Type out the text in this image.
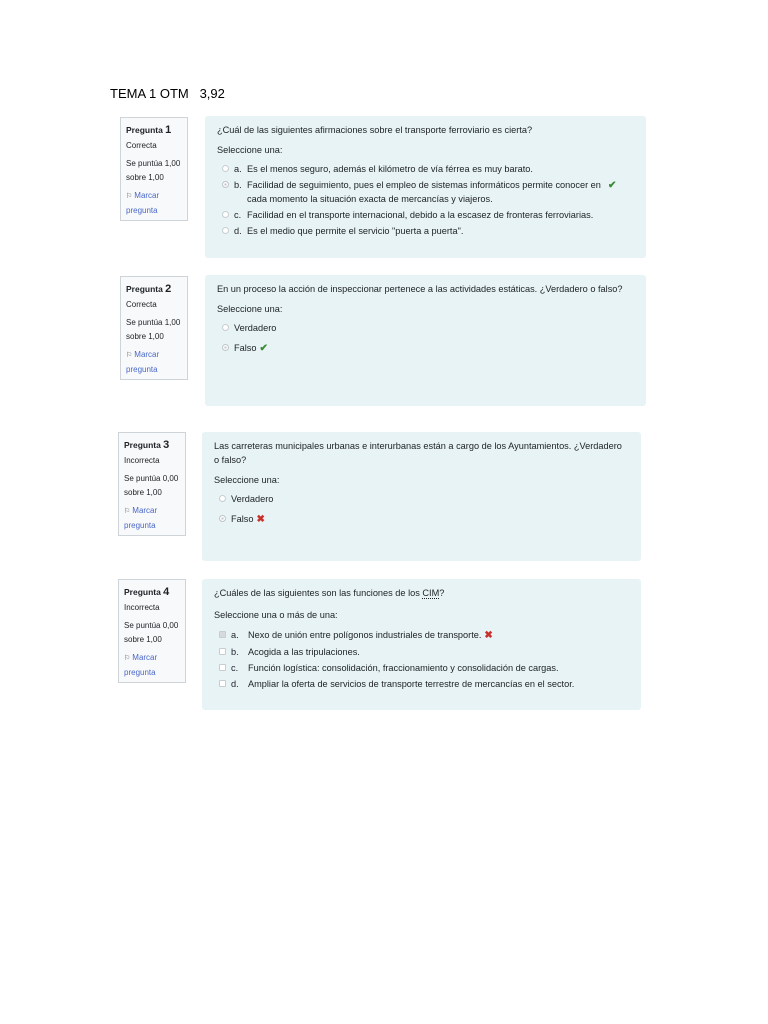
TEMA 1 OTM   3,92
Pregunta 1
Correcta
Se puntúa 1,00 sobre 1,00
⚐ Marcar pregunta
¿Cuál de las siguientes afirmaciones sobre el transporte ferroviario es cierta?
Seleccione una:
a. Es el menos seguro, además el kilómetro de vía férrea es muy barato.
b. Facilidad de seguimiento, pues el empleo de sistemas informáticos permite conocer en cada momento la situación exacta de mercancías y viajeros.✔
c. Facilidad en el transporte internacional, debido a la escasez de fronteras ferroviarias.
d. Es el medio que permite el servicio "puerta a puerta".
Pregunta 2
Correcta
Se puntúa 1,00 sobre 1,00
⚐ Marcar pregunta
En un proceso la acción de inspeccionar pertenece a las actividades estáticas. ¿Verdadero o falso?
Seleccione una:
Verdadero
Falso ✔
Pregunta 3
Incorrecta
Se puntúa 0,00 sobre 1,00
⚐ Marcar pregunta
Las carreteras municipales urbanas e interurbanas están a cargo de los Ayuntamientos. ¿Verdadero o falso?
Seleccione una:
Verdadero
Falso ✖
Pregunta 4
Incorrecta
Se puntúa 0,00 sobre 1,00
⚐ Marcar pregunta
¿Cuáles de las siguientes son las funciones de los CIM?
Seleccione una o más de una:
a. Nexo de unión entre polígonos industriales de transporte. ✖
b. Acogida a las tripulaciones.
c. Función logística: consolidación, fraccionamiento y consolidación de cargas.
d. Ampliar la oferta de servicios de transporte terrestre de mercancías en el sector.
